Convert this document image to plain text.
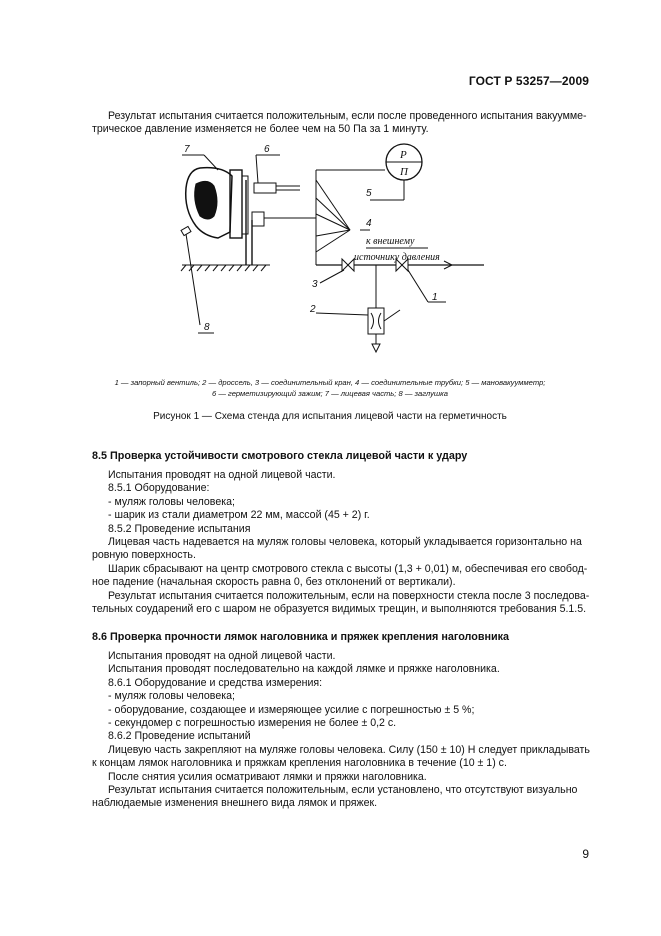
ГОСТ Р 53257—2009

Результат испытания считается положительным, если после проведенного испытания вакуумме-

трическое давление изменяется не более чем на 50 Па за 1 минуту.

P
П
к внешнему
источнику давления
7	6
5
4
3
2
1
8
1 — запорный вентиль; 2 — дроссель, 3 — соединительный кран, 4 — соединительные трубки; 5 — мановакуумметр;
6 — герметизирующий зажим; 7 — лицевая часть; 8 — заглушка
Рисунок 1 — Схема стенда для испытания лицевой части на герметичность
8.5 Проверка устойчивости смотрового стекла лицевой части к удару

Испытания проводят на одной лицевой части.

8.5.1 Оборудование:

- муляж головы человека;

- шарик из стали диаметром 22 мм, массой (45 + 2) г.

8.5.2 Проведение испытания

Лицевая часть надевается на муляж головы человека, который укладывается горизонтально на ровную поверхность.

Шарик сбрасывают на центр смотрового стекла с высоты (1,3 + 0,01) м, обеспечивая его свобод-ное падение (начальная скорость равна 0, без отклонений от вертикали).

Результат испытания считается положительным, если на поверхности стекла после 3 последова-тельных соударений его с шаром не образуется видимых трещин, и выполняются требования 5.1.5.

8.6 Проверка прочности лямок наголовника и пряжек крепления наголовника

Испытания проводят на одной лицевой части.

Испытания проводят последовательно на каждой лямке и пряжке наголовника.

8.6.1 Оборудование и средства измерения:

- муляж головы человека;

- оборудование, создающее и измеряющее усилие с погрешностью ± 5 %;

- секундомер с погрешностью измерения не более ± 0,2 с.

8.6.2 Проведение испытаний

Лицевую часть закрепляют на муляже головы человека. Силу (150 ± 10) Н следует прикладывать к концам лямок наголовника и пряжкам крепления наголовника в течение (10 ± 1) с.

После снятия усилия осматривают лямки и пряжки наголовника.

Результат испытания считается положительным, если установлено, что отсутствуют визуально наблюдаемые изменения внешнего вида лямок и пряжек.

9
